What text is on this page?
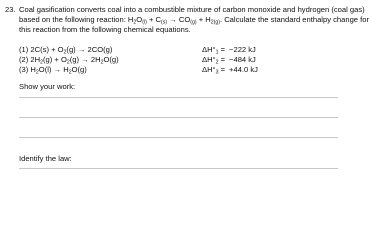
23. Coal gasification converts coal into a combustible mixture of carbon monoxide and hydrogen (coal gas)
based on the following reaction: $H_2O_{(l)} + C_{(s)} \to CO_{(g)} + H_{2(g)}$. Calculate the standard enthalpy change for
this reaction from the following chemical equations.
(1) $2C(s) + O_2(g) \to 2CO(g)$	$\Delta H^\circ_1 = -222$ kJ
(2) $2H_2(g) + O_2(g) \to 2H_2O(g)$	$\Delta H^\circ_2 = -484$ kJ
(3) $H_2O(l) \to H_2O(g)$	$\Delta H^\circ_3 = +44.0$ kJ
Show your work:
Identify the law:
